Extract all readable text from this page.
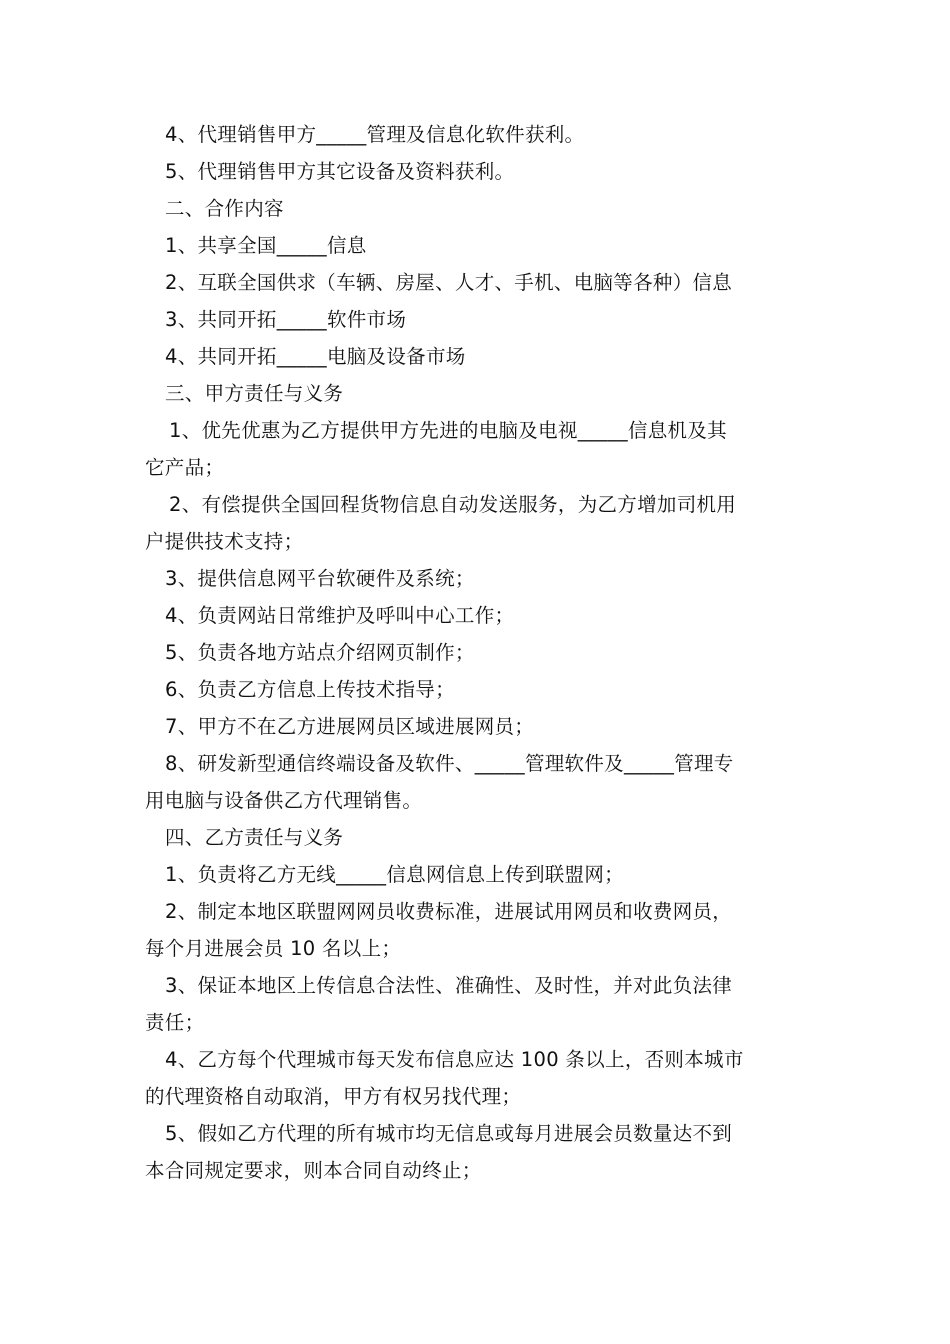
4、代理销售甲方_____管理及信息化软件获利。
5、代理销售甲方其它设备及资料获利。
二、合作内容
1、共享全国_____信息
2、互联全国供求（车辆、房屋、人才、手机、电脑等各种）信息
3、共同开拓_____软件市场
4、共同开拓_____电脑及设备市场
三、甲方责任与义务
1、优先优惠为乙方提供甲方先进的电脑及电视_____信息机及其
它产品；
2、有偿提供全国回程货物信息自动发送服务，为乙方增加司机用
户提供技术支持；
3、提供信息网平台软硬件及系统；
4、负责网站日常维护及呼叫中心工作；
5、负责各地方站点介绍网页制作；
6、负责乙方信息上传技术指导；
7、甲方不在乙方进展网员区域进展网员；
8、研发新型通信终端设备及软件、_____管理软件及_____管理专
用电脑与设备供乙方代理销售。
四、乙方责任与义务
1、负责将乙方无线_____信息网信息上传到联盟网；
2、制定本地区联盟网网员收费标准，进展试用网员和收费网员，
每个月进展会员 10 名以上；
3、保证本地区上传信息合法性、准确性、及时性，并对此负法律
责任；
4、乙方每个代理城市每天发布信息应达 100 条以上，否则本城市
的代理资格自动取消，甲方有权另找代理；
5、假如乙方代理的所有城市均无信息或每月进展会员数量达不到
本合同规定要求，则本合同自动终止；
